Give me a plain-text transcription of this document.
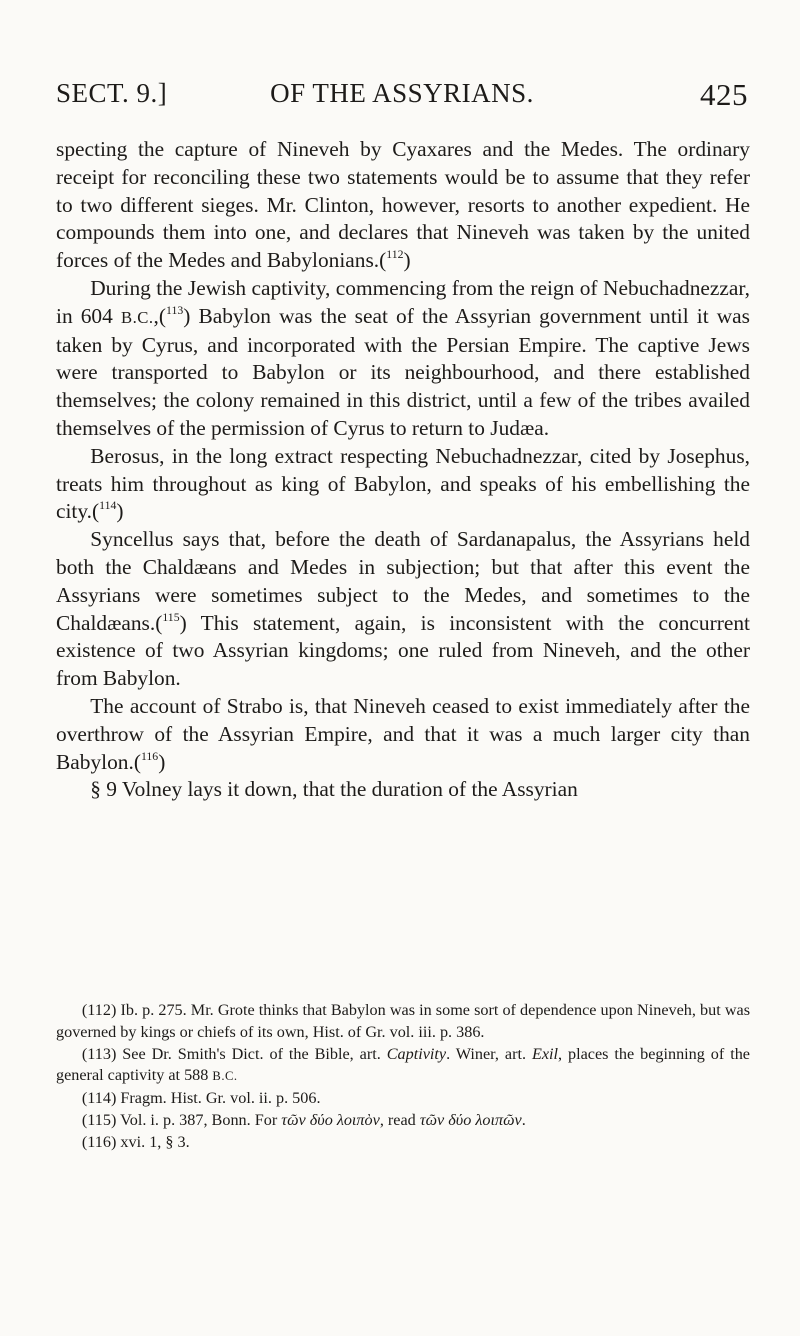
SECT. 9.]	OF THE ASSYRIANS.	425

specting the capture of Nineveh by Cyaxares and the Medes. The ordinary receipt for reconciling these two statements would be to assume that they refer to two different sieges. Mr. Clinton, however, resorts to another expedient. He compounds them into one, and declares that Nineveh was taken by the united forces of the Medes and Babylonians.($^{112}$)

During the Jewish captivity, commencing from the reign of Nebuchadnezzar, in 604 B.C.,($^{113}$) Babylon was the seat of the Assyrian government until it was taken by Cyrus, and incorporated with the Persian Empire. The captive Jews were transported to Babylon or its neighbourhood, and there established themselves; the colony remained in this district, until a few of the tribes availed themselves of the permission of Cyrus to return to Judæa.

Berosus, in the long extract respecting Nebuchadnezzar, cited by Josephus, treats him throughout as king of Babylon, and speaks of his embellishing the city.($^{114}$)

Syncellus says that, before the death of Sardanapalus, the Assyrians held both the Chaldæans and Medes in subjection; but that after this event the Assyrians were sometimes subject to the Medes, and sometimes to the Chaldæans.($^{115}$) This statement, again, is inconsistent with the concurrent existence of two Assyrian kingdoms; one ruled from Nineveh, and the other from Babylon.

The account of Strabo is, that Nineveh ceased to exist immediately after the overthrow of the Assyrian Empire, and that it was a much larger city than Babylon.($^{116}$)

§ 9 Volney lays it down, that the duration of the Assyrian

(112) Ib. p. 275. Mr. Grote thinks that Babylon was in some sort of dependence upon Nineveh, but was governed by kings or chiefs of its own, Hist. of Gr. vol. iii. p. 386.

(113) See Dr. Smith's Dict. of the Bible, art. Captivity. Winer, art. Exil, places the beginning of the general captivity at 588 B.C.

(114) Fragm. Hist. Gr. vol. ii. p. 506.

(115) Vol. i. p. 387, Bonn. For τῶν δύο λοιπὸν, read τῶν δύο λοιπῶν.

(116) xvi. 1, § 3.
